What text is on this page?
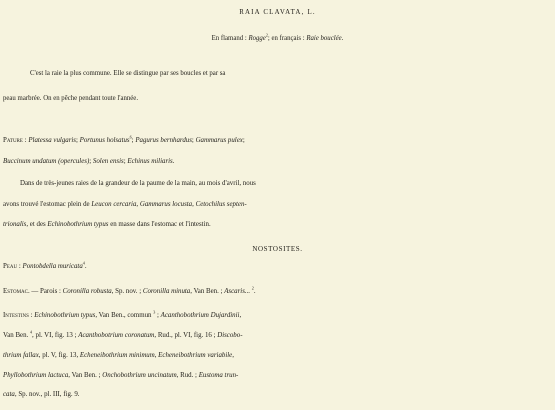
RAIA CLAVATA, L.
En flamand : Rogge$^2$; en français : Raie bouclée.
C'est la raie la plus commune. Elle se distingue par ses boucles et par sa
peau marbrée. On en pêche pendant toute l'année.
Pature : Platessa vulgaris; Portunus holsatus$^6$; Pagurus bernhardus; Gammarus pulex;
Buccinum undatum (opercules); Solen ensis; Echinus miliaris.
Dans de très-jeunes raies de la grandeur de la paume de la main, au mois d'avril, nous
avons trouvé l'estomac plein de Leucon cercaria, Gammarus locusta, Cetochilus septen-
trionalis, et des Echinobothrium typus en masse dans l'estomac et l'intestin.
NOSTOSITES.
Peau : Pontobdella muricata$^4$.
Estomac. — Parois : Coronilla robusta, Sp. nov. ; Coronilla minuta, Van Ben. ; Ascaris... $^2$.
Intestins : Echinobothrium typus, Van Ben., commun $^3$ ; Acanthobothrium Dujardinii,
Van Ben. $^4$, pl. VI, fig. 13 ; Acanthobotrium coronatum, Rud., pl. VI, fig. 16 ; Discobo-
thrium fallax, pl. V, fig. 13, Echeneibothrium minimum, Echeneibothrium variabile,
Phyllobothrium lactuca, Van Ben. ; Onchobothrium uncinatum, Rud. ; Eustoma trun-
cata, Sp. nov., pl. III, fig. 9.
